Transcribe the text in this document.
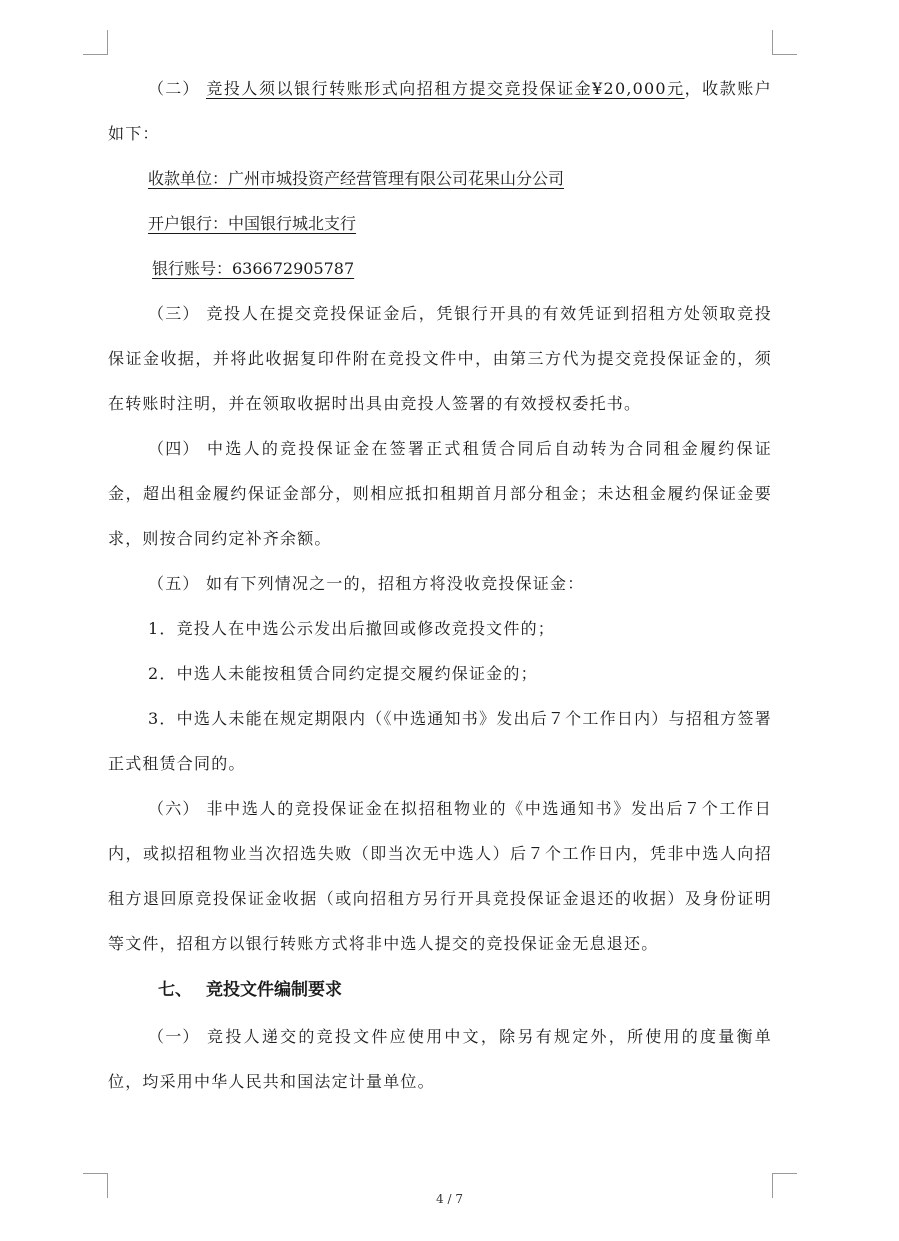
（二） 竞投人须以银行转账形式向招租方提交竞投保证金¥20,000元，收款账户如下：

收款单位：广州市城投资产经营管理有限公司花果山分公司

开户银行：中国银行城北支行

银行账号：636672905787

（三） 竞投人在提交竞投保证金后，凭银行开具的有效凭证到招租方处领取竞投保证金收据，并将此收据复印件附在竞投文件中，由第三方代为提交竞投保证金的，须在转账时注明，并在领取收据时出具由竞投人签署的有效授权委托书。

（四） 中选人的竞投保证金在签署正式租赁合同后自动转为合同租金履约保证金，超出租金履约保证金部分，则相应抵扣租期首月部分租金；未达租金履约保证金要求，则按合同约定补齐余额。

（五） 如有下列情况之一的，招租方将没收竞投保证金：

1．竞投人在中选公示发出后撤回或修改竞投文件的；

2．中选人未能按租赁合同约定提交履约保证金的；

3．中选人未能在规定期限内（《中选通知书》发出后７个工作日内）与招租方签署正式租赁合同的。

（六） 非中选人的竞投保证金在拟招租物业的《中选通知书》发出后７个工作日内，或拟招租物业当次招选失败（即当次无中选人）后７个工作日内，凭非中选人向招租方退回原竞投保证金收据（或向招租方另行开具竞投保证金退还的收据）及身份证明等文件，招租方以银行转账方式将非中选人提交的竞投保证金无息退还。

七、 竞投文件编制要求

（一） 竞投人递交的竞投文件应使用中文，除另有规定外，所使用的度量衡单位，均采用中华人民共和国法定计量单位。

4 / 7
